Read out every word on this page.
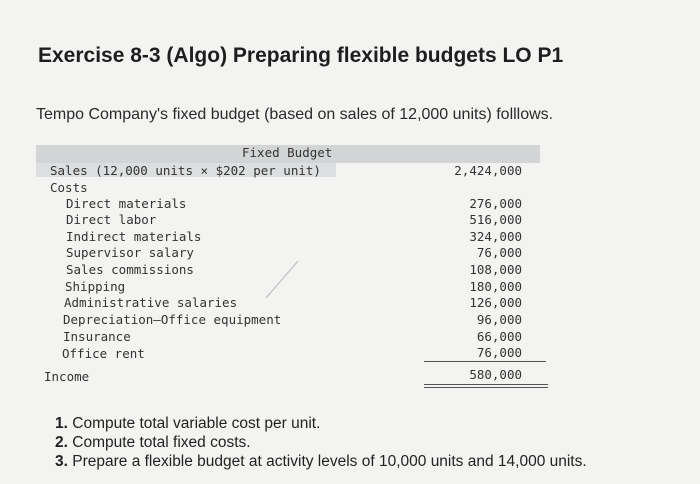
Exercise 8-3 (Algo) Preparing flexible budgets LO P1
Tempo Company's fixed budget (based on sales of 12,000 units) folllows.
Fixed Budget
Sales (12,000 units × $202 per unit)	2,424,000
Costs
Direct materials	276,000
Direct labor	516,000
Indirect materials	324,000
Supervisor salary	76,000
Sales commissions	108,000
Shipping	180,000
Administrative salaries	126,000
Depreciation—Office equipment	96,000
Insurance	66,000
Office rent	76,000
Income	580,000
1. Compute total variable cost per unit.
2. Compute total fixed costs.
3. Prepare a flexible budget at activity levels of 10,000 units and 14,000 units.
